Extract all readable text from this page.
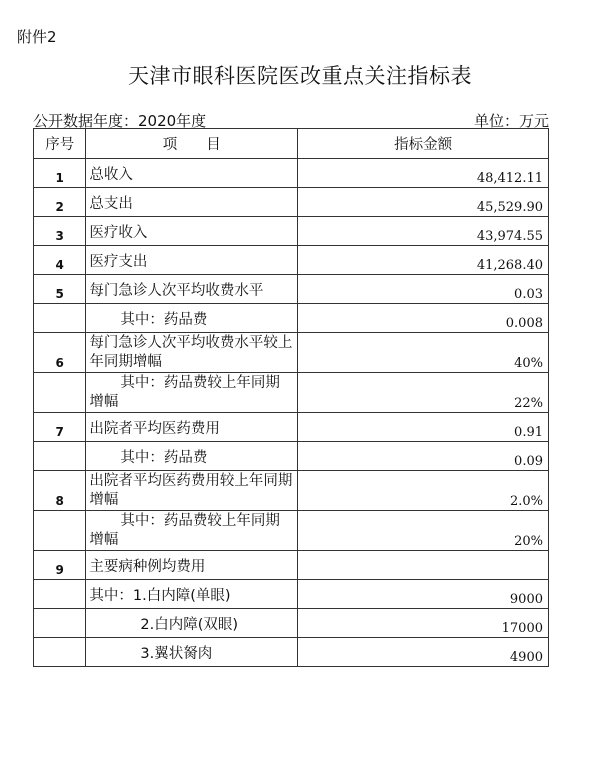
附件2
天津市眼科医院医改重点关注指标表
公开数据年度：2020年度	单位：万元
序号	项　　目	指标金额
1	总收入	48,412.11
2	总支出	45,529.90
3	医疗收入	43,974.55
4	医疗支出	41,268.40
5	每门急诊人次平均收费水平	0.03
	其中：药品费	0.008
6	每门急诊人次平均收费水平较上年同期增幅	40%
	其中：药品费较上年同期增幅	22%
7	出院者平均医药费用	0.91
	其中：药品费	0.09
8	出院者平均医药费用较上年同期增幅	2.0%
	其中：药品费较上年同期增幅	20%
9	主要病种例均费用	
	其中：1.白内障(单眼)	9000
	2.白内障(双眼)	17000
	3.翼状胬肉	4900
